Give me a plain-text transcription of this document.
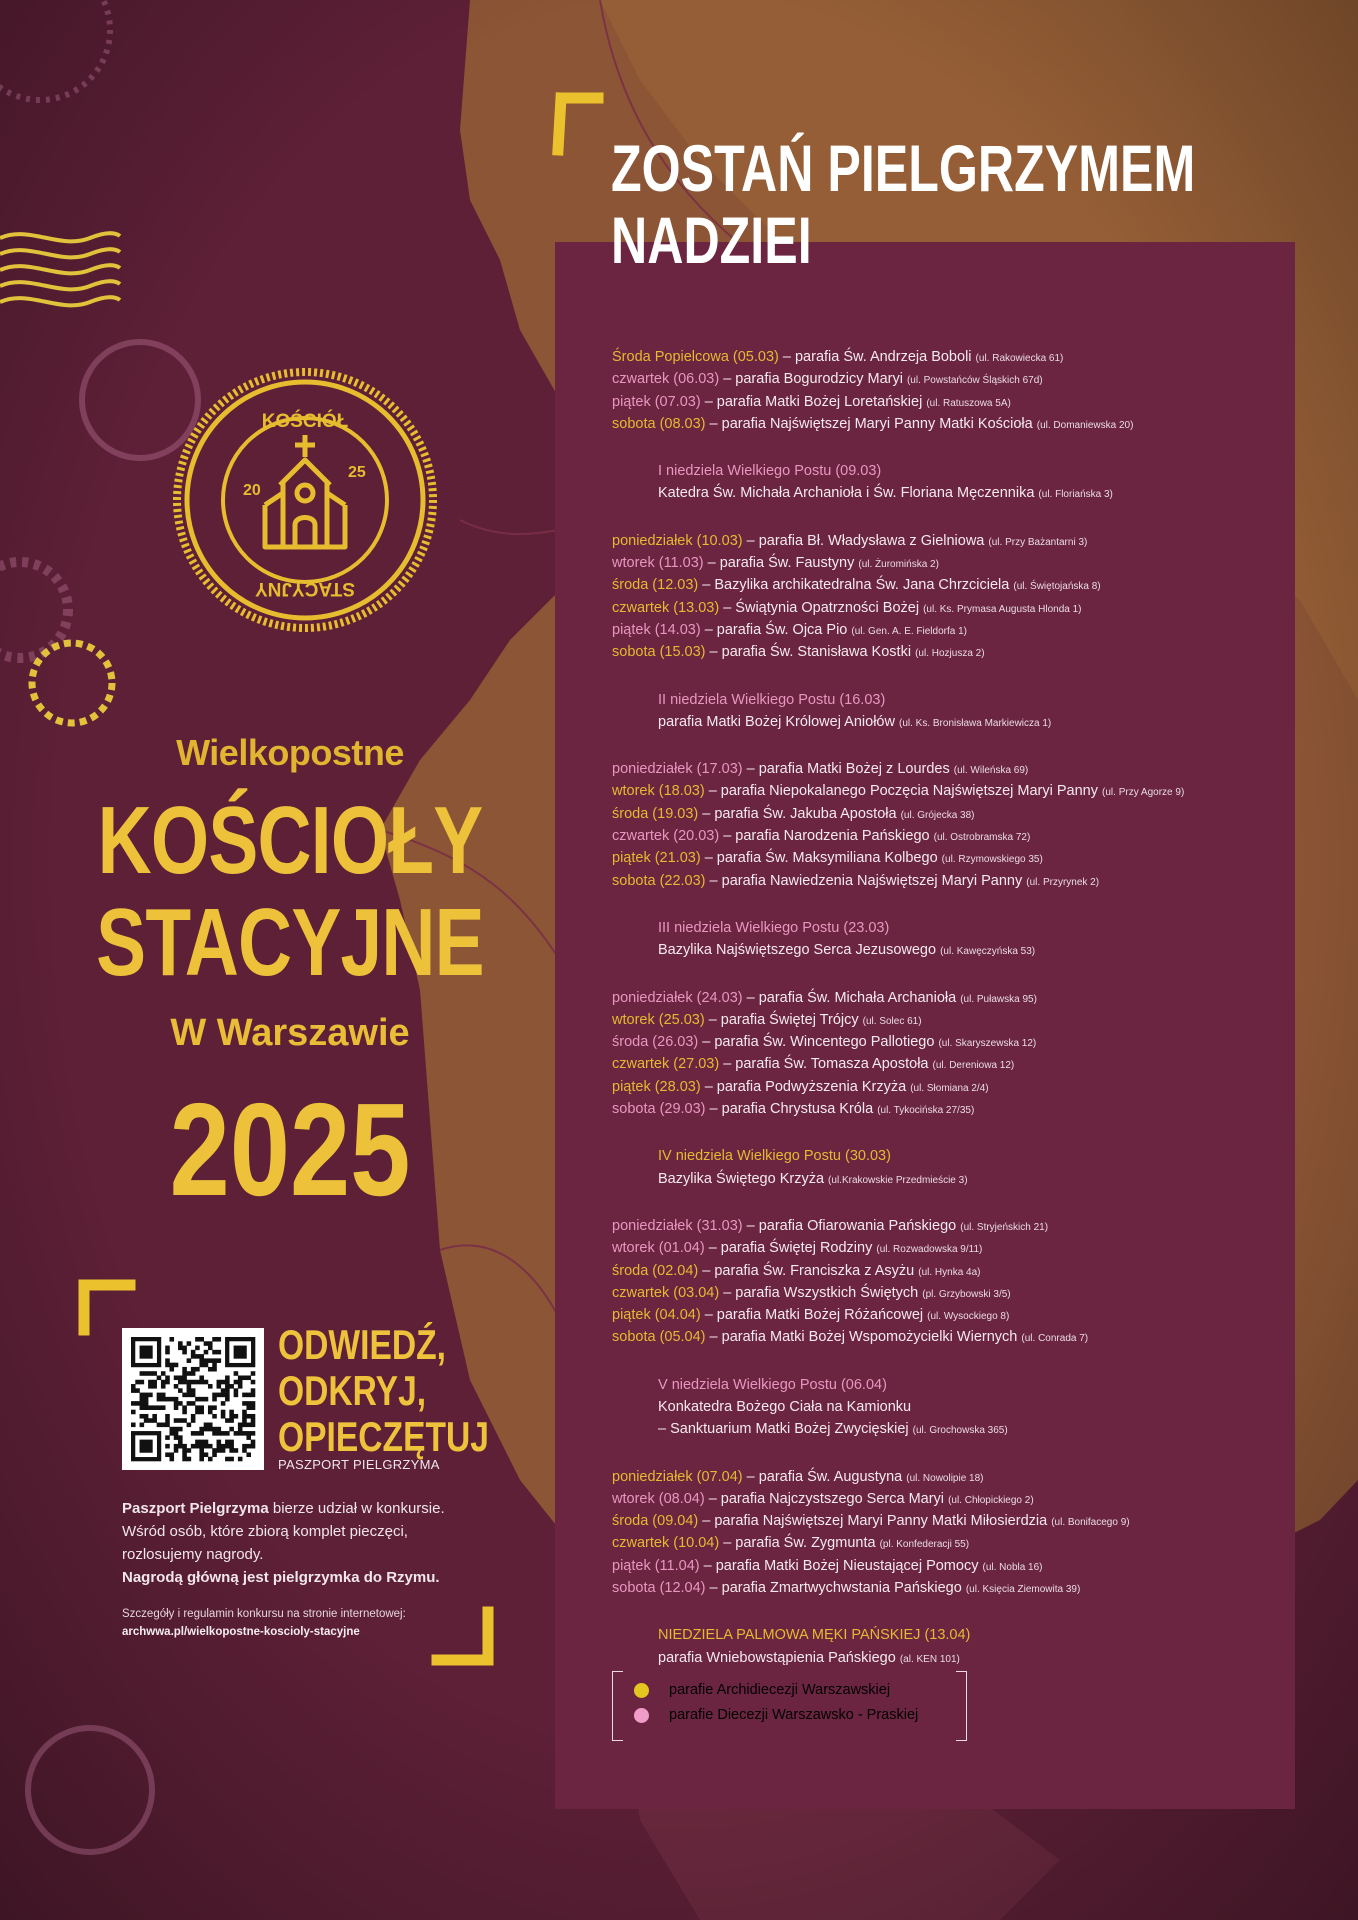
KOŚCIÓŁ
STACYJNY
20
25
Wielkopostne
KOŚCIOŁY
STACYJNE
W Warszawie
2025
ODWIEDŹ,
ODKRYJ,
OPIECZĘTUJ
PASZPORT PIELGRZYMA
Paszport Pielgrzyma bierze udział w konkursie. Wśród osób, które zbiorą komplet pieczęci, rozlosujemy nagrody.
Nagrodą główną jest pielgrzymka do Rzymu.
Szczegóły i regulamin konkursu na stronie internetowej:
archwwa.pl/wielkopostne-koscioly-stacyjne
ZOSTAŃ PIELGRZYMEM
NADZIEI
Środa Popielcowa (05.03) – parafia Św. Andrzeja Boboli (ul. Rakowiecka 61)
czwartek (06.03) – parafia Bogurodzicy Maryi (ul. Powstańców Śląskich 67d)
piątek (07.03) – parafia Matki Bożej Loretańskiej (ul. Ratuszowa 5A)
sobota (08.03) – parafia Najświętszej Maryi Panny Matki Kościoła (ul. Domaniewska 20)
I niedziela Wielkiego Postu (09.03)
Katedra Św. Michała Archanioła i Św. Floriana Męczennika (ul. Floriańska 3)
poniedziałek (10.03) – parafia Bł. Władysława z Gielniowa (ul. Przy Bażantarni 3)
wtorek (11.03) – parafia Św. Faustyny (ul. Żuromińska 2)
środa (12.03) – Bazylika archikatedralna Św. Jana Chrzciciela (ul. Świętojańska 8)
czwartek (13.03) – Świątynia Opatrzności Bożej (ul. Ks. Prymasa Augusta Hlonda 1)
piątek (14.03) – parafia Św. Ojca Pio (ul. Gen. A. E. Fieldorfa 1)
sobota (15.03) – parafia Św. Stanisława Kostki (ul. Hozjusza 2)
II niedziela Wielkiego Postu (16.03)
parafia Matki Bożej Królowej Aniołów (ul. Ks. Bronisława Markiewicza 1)
poniedziałek (17.03) – parafia Matki Bożej z Lourdes (ul. Wileńska 69)
wtorek (18.03) – parafia Niepokalanego Poczęcia Najświętszej Maryi Panny (ul. Przy Agorze 9)
środa (19.03) – parafia Św. Jakuba Apostoła (ul. Grójecka 38)
czwartek (20.03) – parafia Narodzenia Pańskiego (ul. Ostrobramska 72)
piątek (21.03) – parafia Św. Maksymiliana Kolbego (ul. Rzymowskiego 35)
sobota (22.03) – parafia Nawiedzenia Najświętszej Maryi Panny (ul. Przyrynek 2)
III niedziela Wielkiego Postu (23.03)
Bazylika Najświętszego Serca Jezusowego (ul. Kawęczyńska 53)
poniedziałek (24.03) – parafia Św. Michała Archanioła (ul. Puławska 95)
wtorek (25.03) – parafia Świętej Trójcy (ul. Solec 61)
środa (26.03) – parafia Św. Wincentego Pallotiego (ul. Skaryszewska 12)
czwartek (27.03) – parafia Św. Tomasza Apostoła (ul. Dereniowa 12)
piątek (28.03) – parafia Podwyższenia Krzyża (ul. Słomiana 2/4)
sobota (29.03) – parafia Chrystusa Króla (ul. Tykocińska 27/35)
IV niedziela Wielkiego Postu (30.03)
Bazylika Świętego Krzyża (ul.Krakowskie Przedmieście 3)
poniedziałek (31.03) – parafia Ofiarowania Pańskiego (ul. Stryjeńskich 21)
wtorek (01.04) – parafia Świętej Rodziny (ul. Rozwadowska 9/11)
środa (02.04) – parafia Św. Franciszka z Asyżu (ul. Hynka 4a)
czwartek (03.04) – parafia Wszystkich Świętych (pl. Grzybowski 3/5)
piątek (04.04) – parafia Matki Bożej Różańcowej (ul. Wysockiego 8)
sobota (05.04) – parafia Matki Bożej Wspomożycielki Wiernych (ul. Conrada 7)
V niedziela Wielkiego Postu (06.04)
Konkatedra Bożego Ciała na Kamionku
– Sanktuarium Matki Bożej Zwycięskiej (ul. Grochowska 365)
poniedziałek (07.04) – parafia Św. Augustyna (ul. Nowolipie 18)
wtorek (08.04) – parafia Najczystszego Serca Maryi (ul. Chłopickiego 2)
środa (09.04) – parafia Najświętszej Maryi Panny Matki Miłosierdzia (ul. Bonifacego 9)
czwartek (10.04) – parafia Św. Zygmunta (pl. Konfederacji 55)
piątek (11.04) – parafia Matki Bożej Nieustającej Pomocy (ul. Nobla 16)
sobota (12.04) – parafia Zmartwychwstania Pańskiego (ul. Księcia Ziemowita 39)
NIEDZIELA PALMOWA MĘKI PAŃSKIEJ (13.04)
parafia Wniebowstąpienia Pańskiego (al. KEN 101)
parafie Archidiecezji Warszawskiej
parafie Diecezji Warszawsko - Praskiej
